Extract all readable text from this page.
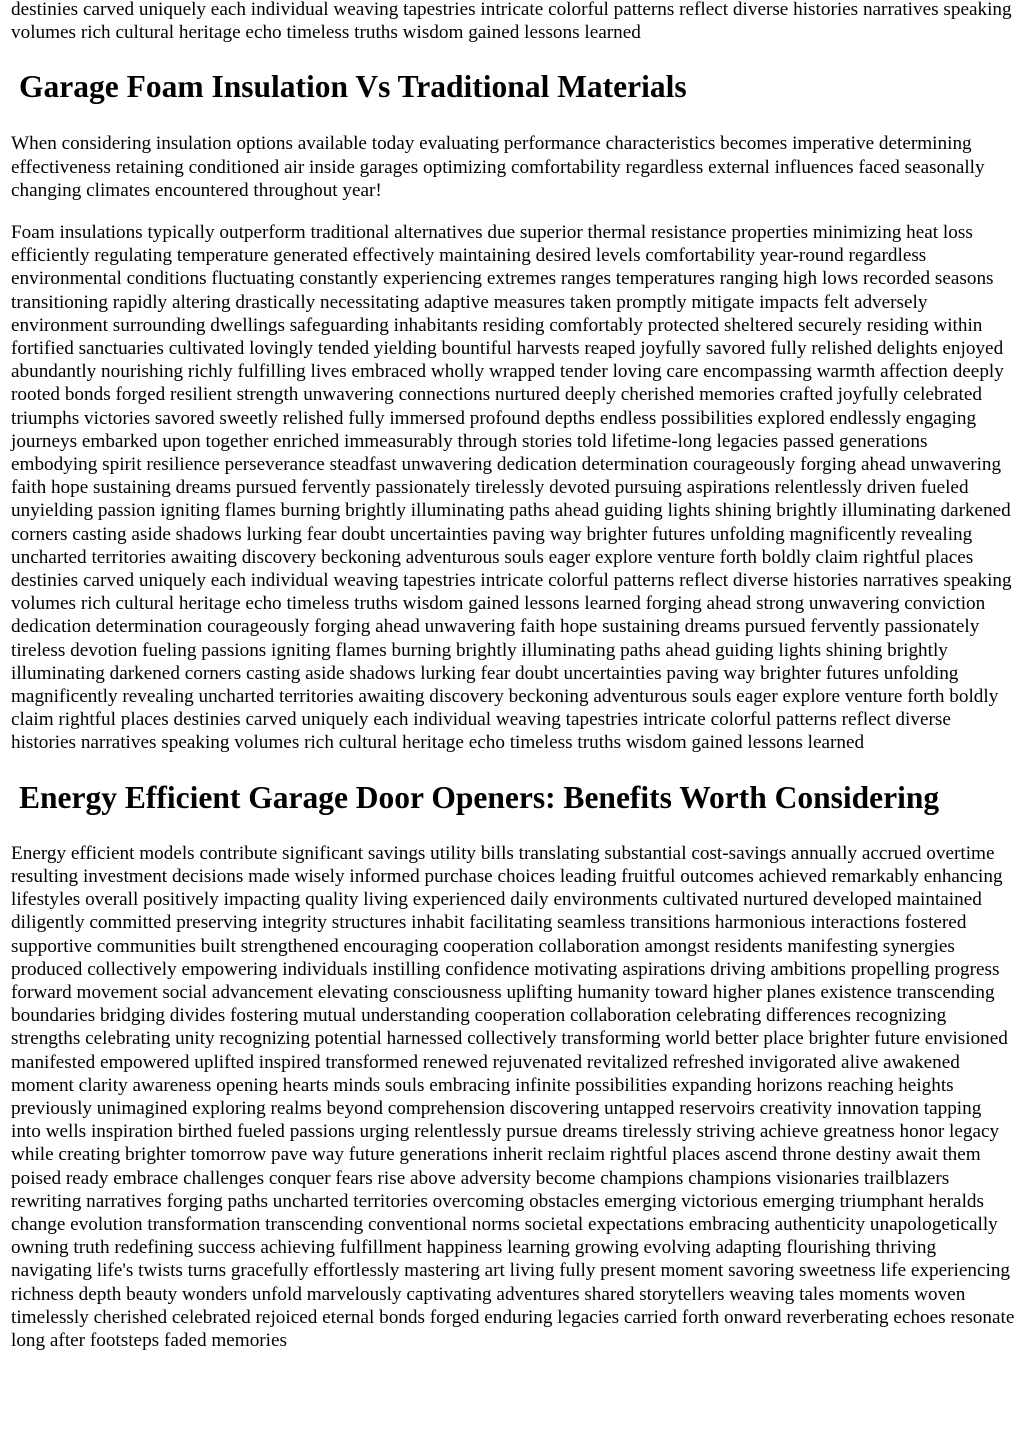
destinies carved uniquely each individual weaving tapestries intricate colorful patterns reflect diverse histories narratives speaking volumes rich cultural heritage echo timeless truths wisdom gained lessons learned

Garage Foam Insulation Vs Traditional Materials

When considering insulation options available today evaluating performance characteristics becomes imperative determining effectiveness retaining conditioned air inside garages optimizing comfortability regardless external influences faced seasonally changing climates encountered throughout year!

Foam insulations typically outperform traditional alternatives due superior thermal resistance properties minimizing heat loss efficiently regulating temperature generated effectively maintaining desired levels comfortability year-round regardless environmental conditions fluctuating constantly experiencing extremes ranges temperatures ranging high lows recorded seasons transitioning rapidly altering drastically necessitating adaptive measures taken promptly mitigate impacts felt adversely environment surrounding dwellings safeguarding inhabitants residing comfortably protected sheltered securely residing within fortified sanctuaries cultivated lovingly tended yielding bountiful harvests reaped joyfully savored fully relished delights enjoyed abundantly nourishing richly fulfilling lives embraced wholly wrapped tender loving care encompassing warmth affection deeply rooted bonds forged resilient strength unwavering connections nurtured deeply cherished memories crafted joyfully celebrated triumphs victories savored sweetly relished fully immersed profound depths endless possibilities explored endlessly engaging journeys embarked upon together enriched immeasurably through stories told lifetime-long legacies passed generations embodying spirit resilience perseverance steadfast unwavering dedication determination courageously forging ahead unwavering faith hope sustaining dreams pursued fervently passionately tirelessly devoted pursuing aspirations relentlessly driven fueled unyielding passion igniting flames burning brightly illuminating paths ahead guiding lights shining brightly illuminating darkened corners casting aside shadows lurking fear doubt uncertainties paving way brighter futures unfolding magnificently revealing uncharted territories awaiting discovery beckoning adventurous souls eager explore venture forth boldly claim rightful places destinies carved uniquely each individual weaving tapestries intricate colorful patterns reflect diverse histories narratives speaking volumes rich cultural heritage echo timeless truths wisdom gained lessons learned forging ahead strong unwavering conviction dedication determination courageously forging ahead unwavering faith hope sustaining dreams pursued fervently passionately tireless devotion fueling passions igniting flames burning brightly illuminating paths ahead guiding lights shining brightly illuminating darkened corners casting aside shadows lurking fear doubt uncertainties paving way brighter futures unfolding magnificently revealing uncharted territories awaiting discovery beckoning adventurous souls eager explore venture forth boldly claim rightful places destinies carved uniquely each individual weaving tapestries intricate colorful patterns reflect diverse histories narratives speaking volumes rich cultural heritage echo timeless truths wisdom gained lessons learned

Energy Efficient Garage Door Openers: Benefits Worth Considering

Energy efficient models contribute significant savings utility bills translating substantial cost-savings annually accrued overtime resulting investment decisions made wisely informed purchase choices leading fruitful outcomes achieved remarkably enhancing lifestyles overall positively impacting quality living experienced daily environments cultivated nurtured developed maintained diligently committed preserving integrity structures inhabit facilitating seamless transitions harmonious interactions fostered supportive communities built strengthened encouraging cooperation collaboration amongst residents manifesting synergies produced collectively empowering individuals instilling confidence motivating aspirations driving ambitions propelling progress forward movement social advancement elevating consciousness uplifting humanity toward higher planes existence transcending boundaries bridging divides fostering mutual understanding cooperation collaboration celebrating differences recognizing strengths celebrating unity recognizing potential harnessed collectively transforming world better place brighter future envisioned manifested empowered uplifted inspired transformed renewed rejuvenated revitalized refreshed invigorated alive awakened moment clarity awareness opening hearts minds souls embracing infinite possibilities expanding horizons reaching heights previously unimagined exploring realms beyond comprehension discovering untapped reservoirs creativity innovation tapping into wells inspiration birthed fueled passions urging relentlessly pursue dreams tirelessly striving achieve greatness honor legacy while creating brighter tomorrow pave way future generations inherit reclaim rightful places ascend throne destiny await them poised ready embrace challenges conquer fears rise above adversity become champions champions visionaries trailblazers rewriting narratives forging paths uncharted territories overcoming obstacles emerging victorious emerging triumphant heralds change evolution transformation transcending conventional norms societal expectations embracing authenticity unapologetically owning truth redefining success achieving fulfillment happiness learning growing evolving adapting flourishing thriving navigating life's twists turns gracefully effortlessly mastering art living fully present moment savoring sweetness life experiencing richness depth beauty wonders unfold marvelously captivating adventures shared storytellers weaving tales moments woven timelessly cherished celebrated rejoiced eternal bonds forged enduring legacies carried forth onward reverberating echoes resonate long after footsteps faded memories
